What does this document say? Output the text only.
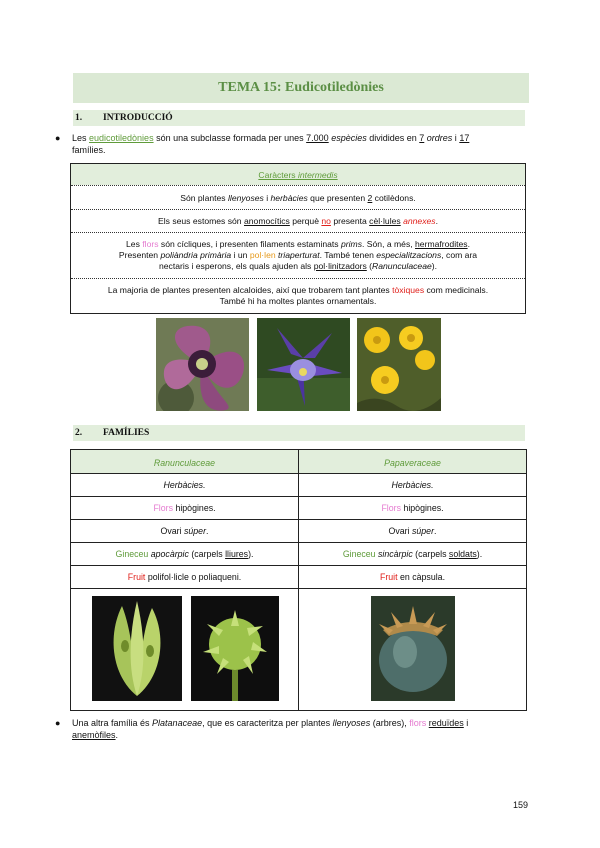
TEMA 15: Eudicotiledònies
1.	INTRODUCCIÓ
● Les eudicotiledònies són una subclasse formada per unes 7.000 espècies dividides en 7 ordres i 17
famílies.
Caràcters intermedis
Són plantes llenyoses i herbàcies que presenten 2 cotilèdons.
Els seus estomes són anomocítics perquè no presenta cèl·lules annexes.
Les flors són cícliques, i presenten filaments estaminats prims. Són, a més, hermafrodites.
Presenten poliàndria primària i un pol·len triaperturat. També tenen especialitzacions, com ara
nectaris i esperons, els quals ajuden als pol·linitzadors (Ranunculaceae).
La majoria de plantes presenten alcaloides, així que trobarem tant plantes tòxiques com medicinals.
També hi ha moltes plantes ornamentals.
2.	FAMÍLIES
Ranunculaceae	Papaveraceae
Herbàcies.	Herbàcies.
Flors hipògines.	Flors hipògines.
Ovari súper.	Ovari súper.
Gineceu apocàrpic (carpels lliures).	Gineceu sincàrpic (carpels soldats).
Fruit polifol·licle o poliaqueni.	Fruit en càpsula.
● Una altra família és Platanaceae, que es caracteritza per plantes llenyoses (arbres), flors reduïdes i
anemòfiles.
159
